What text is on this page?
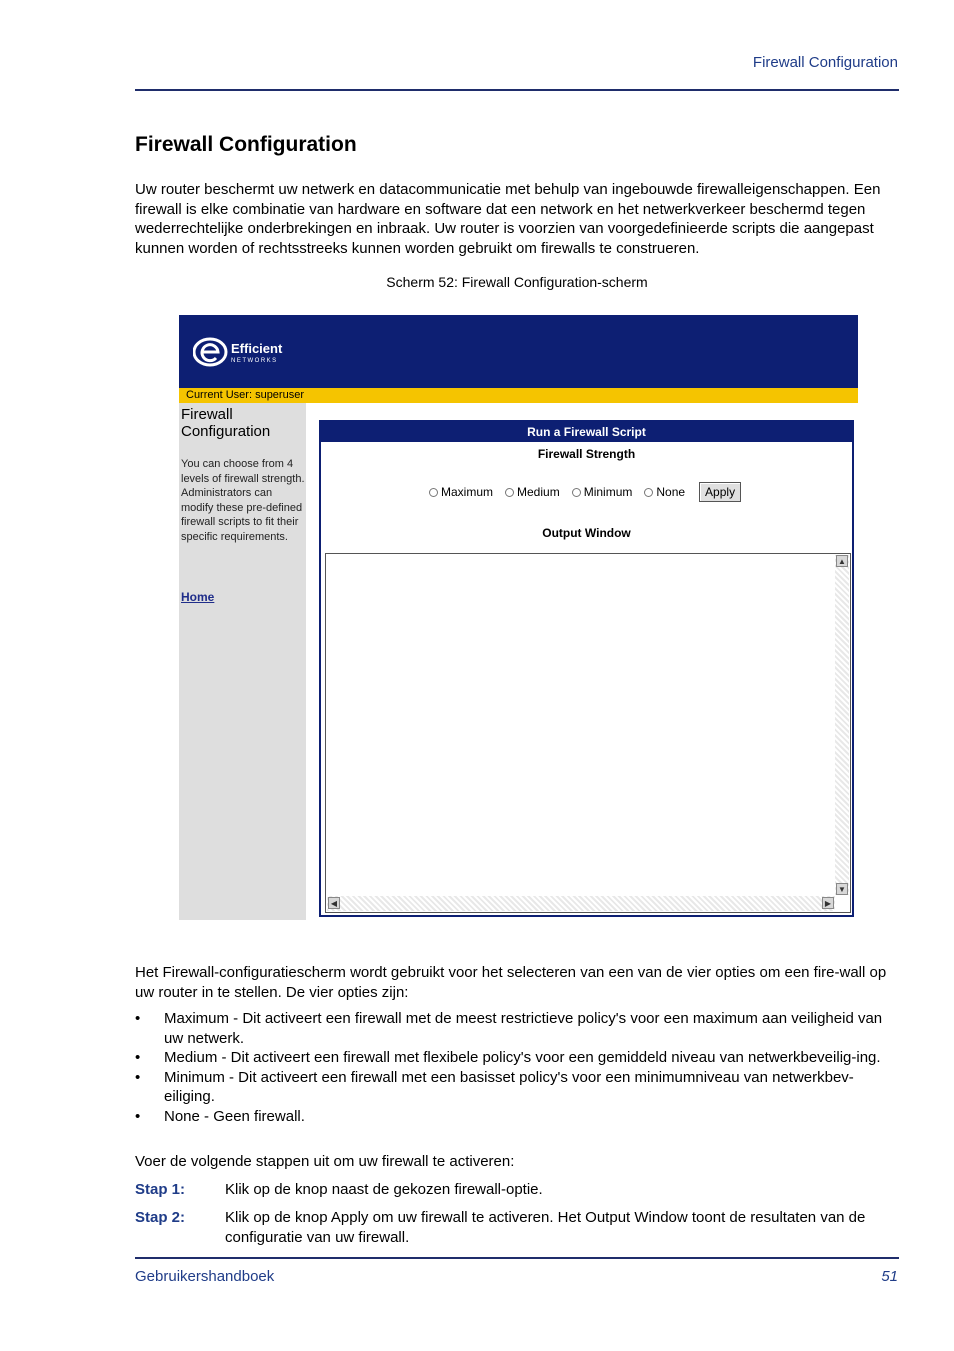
Firewall Configuration
Firewall Configuration
Uw router beschermt uw netwerk en datacommunicatie met behulp van ingebouwde firewalleigenschappen. Een firewall is elke combinatie van hardware en software dat een network en het netwerkverkeer beschermd tegen wederrechtelijke onderbrekingen en inbraak. Uw router is voorzien van voorgedefinieerde scripts die aangepast kunnen worden of rechtsstreeks kunnen worden gebruikt om firewalls te construeren.
Scherm 52: Firewall Configuration-scherm
Efficient
NETWORKS
Current User: superuser
Firewall Configuration
You can choose from 4 levels of firewall strength. Administrators can modify these pre-defined firewall scripts to fit their specific requirements.
Home
Run a Firewall Script
Firewall Strength
Maximum Medium Minimum None	Apply
Output Window
▲
▼
◀	▶
Het Firewall-configuratiescherm wordt gebruikt voor het selecteren van een van de vier opties om een fire-wall op uw router in te stellen. De vier opties zijn:
• Maximum - Dit activeert een firewall met de meest restrictieve policy's voor een maximum aan veiligheid van uw netwerk.
• Medium - Dit activeert een firewall met flexibele policy's voor een gemiddeld niveau van netwerkbeveilig-ing.
• Minimum - Dit activeert een firewall met een basisset policy's voor een minimumniveau van netwerkbev-eiliging.
• None - Geen firewall.
Voer de volgende stappen uit om uw firewall te activeren:
Stap 1:	Klik op de knop naast de gekozen firewall-optie.
Stap 2:	Klik op de knop Apply om uw firewall te activeren. Het Output Window toont de resultaten van de configuratie van uw firewall.
Gebruikershandboek	51
